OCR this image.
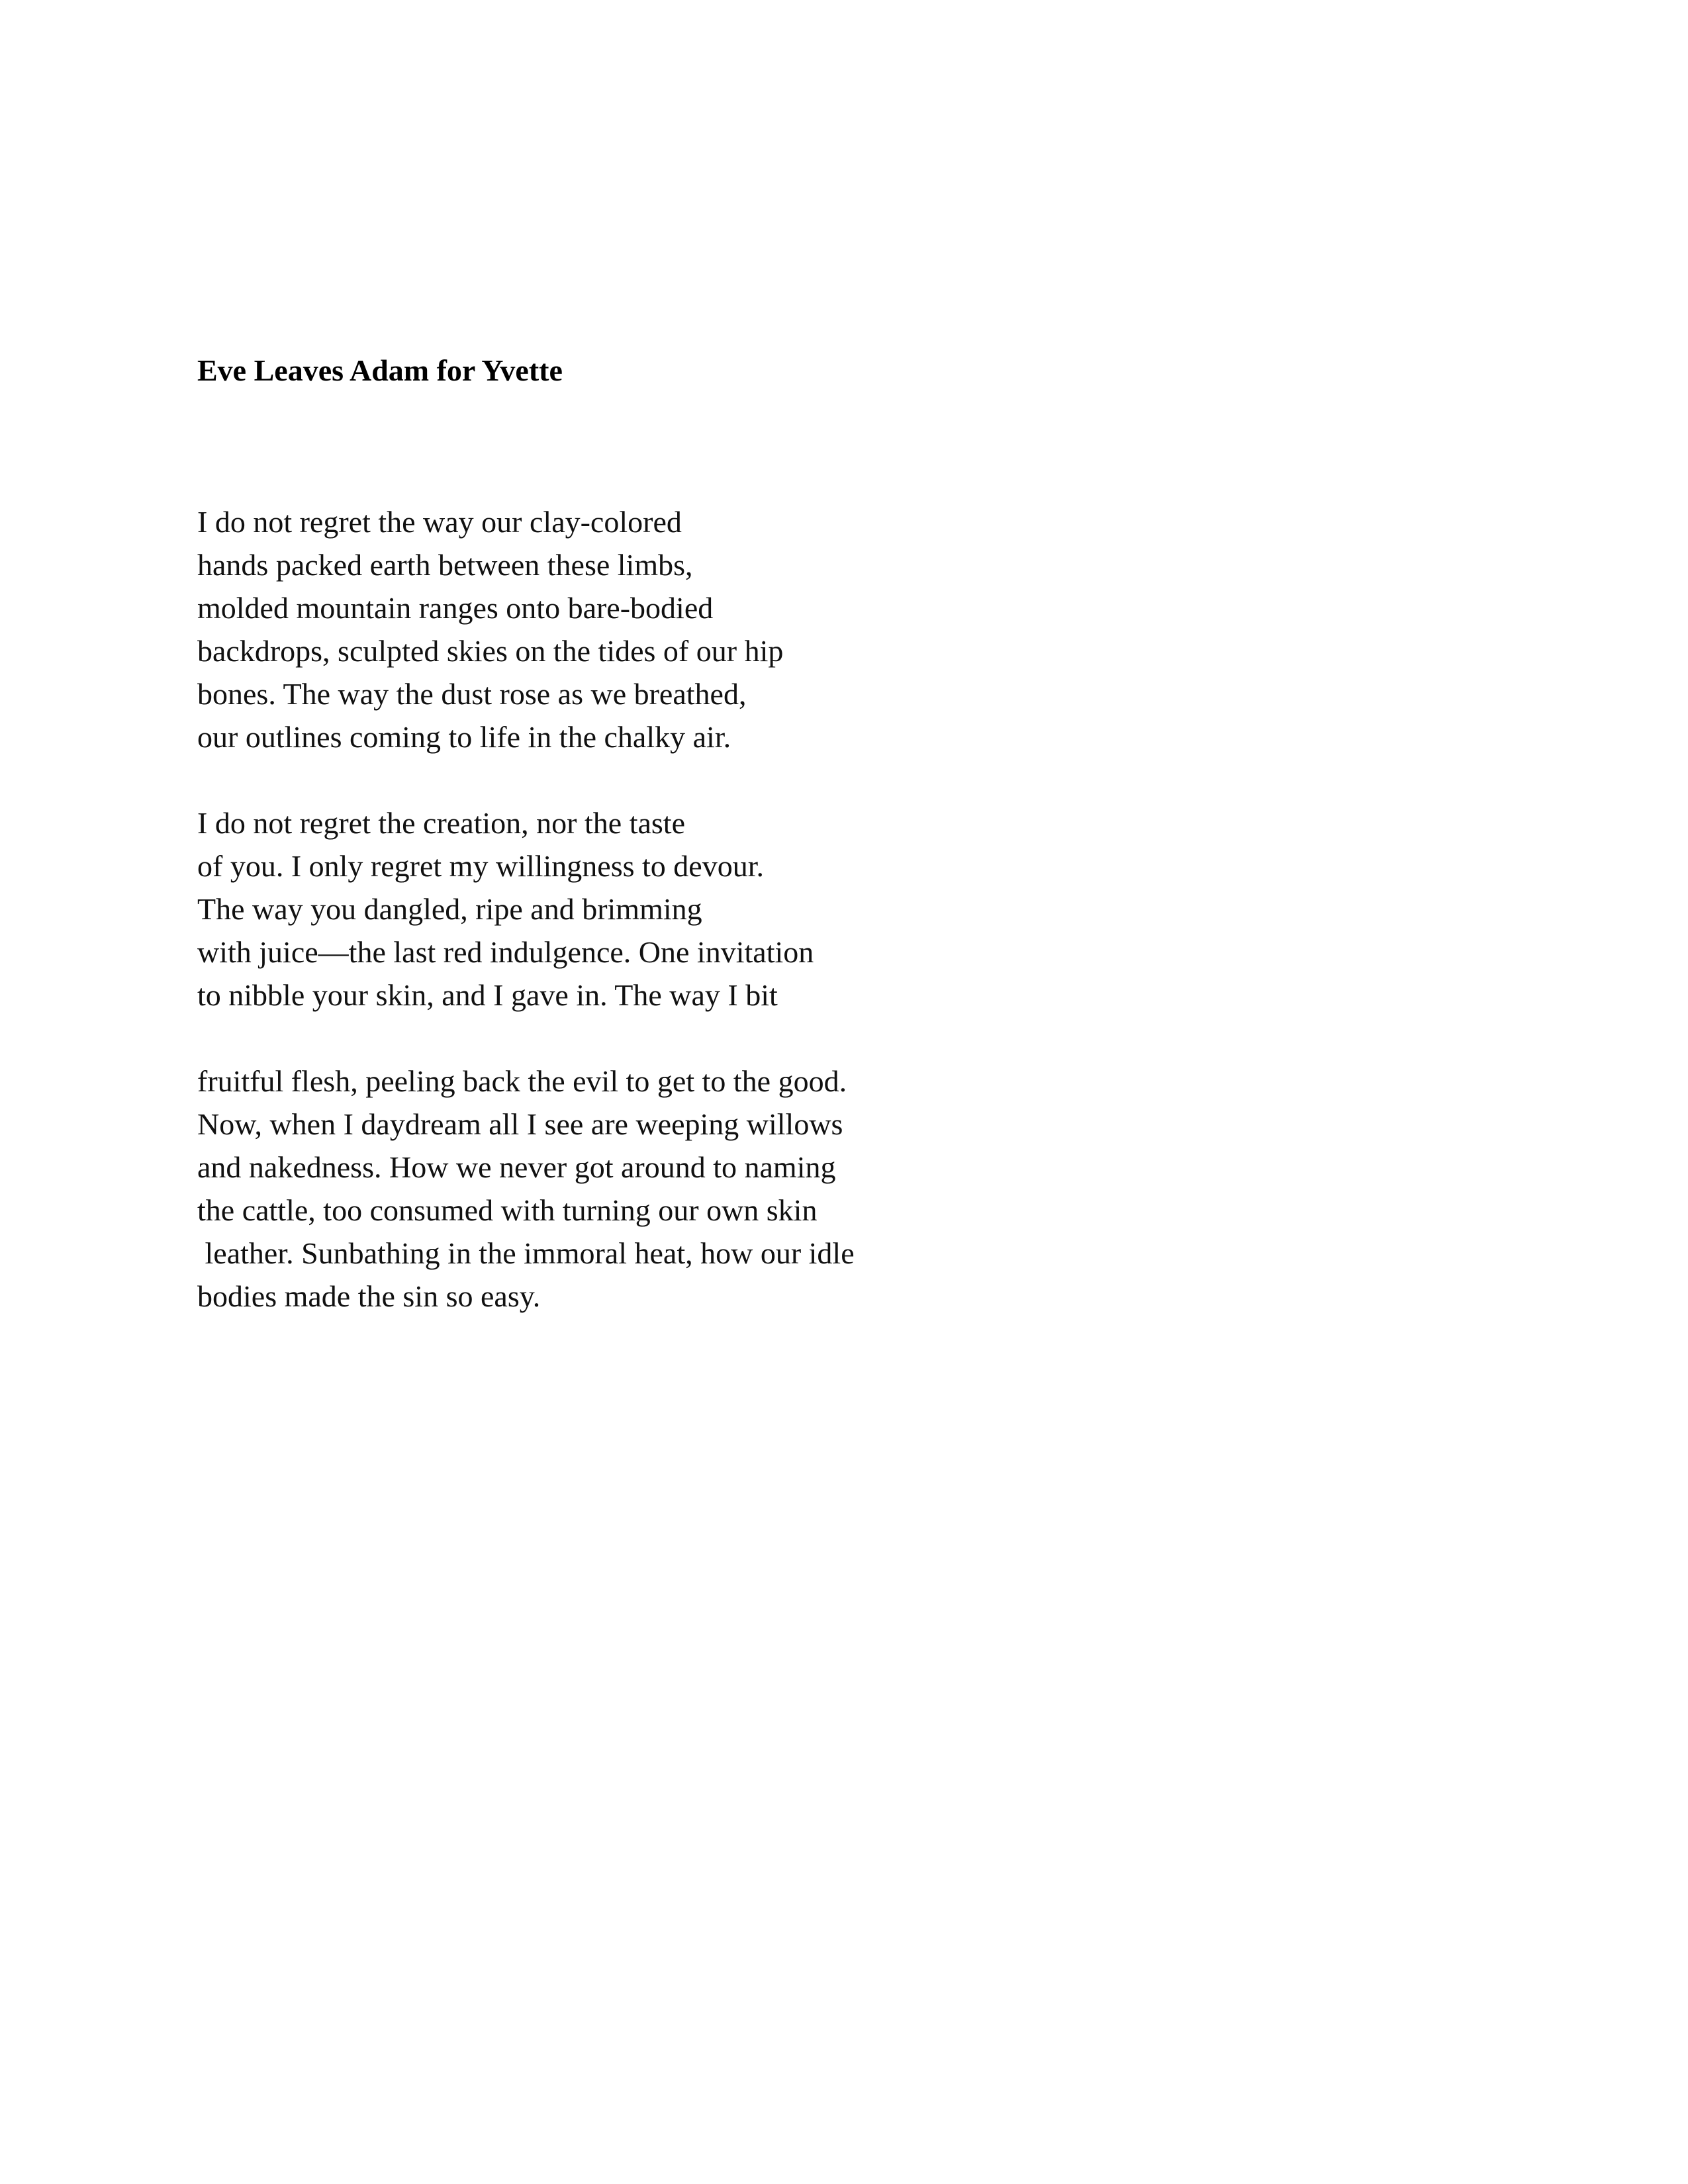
Eve Leaves Adam for Yvette
I do not regret the way our clay-colored
hands packed earth between these limbs,
molded mountain ranges onto bare-bodied
backdrops, sculpted skies on the tides of our hip
bones. The way the dust rose as we breathed,
our outlines coming to life in the chalky air.
I do not regret the creation, nor the taste
of you. I only regret my willingness to devour.
The way you dangled, ripe and brimming
with juice—the last red indulgence. One invitation
to nibble your skin, and I gave in. The way I bit
fruitful flesh, peeling back the evil to get to the good.
Now, when I daydream all I see are weeping willows
and nakedness. How we never got around to naming
the cattle, too consumed with turning our own skin
leather. Sunbathing in the immoral heat, how our idle
bodies made the sin so easy.
